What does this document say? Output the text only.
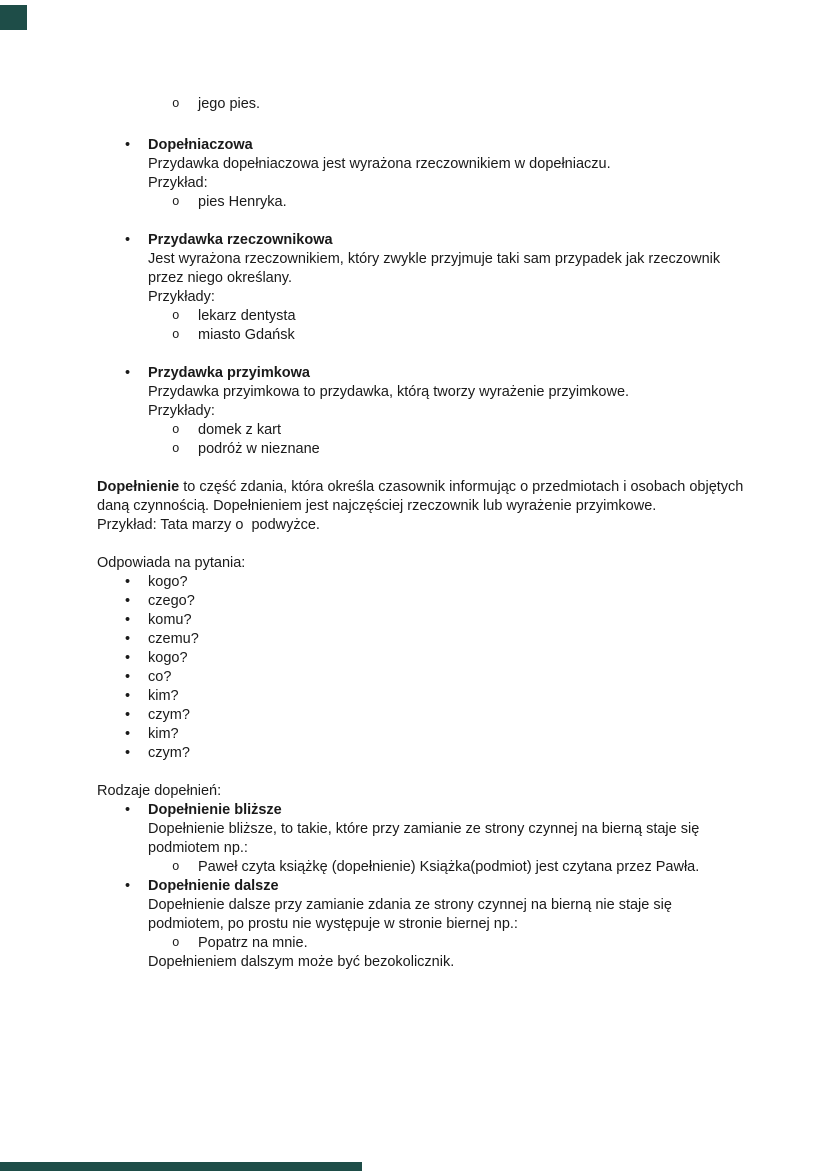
o	jego pies.
•	Dopełniaczowa
Przydawka dopełniaczowa jest wyrażona rzeczownikiem w dopełniaczu.
Przykład:
o	pies Henryka.
•	Przydawka rzeczownikowa
Jest wyrażona rzeczownikiem, który zwykle przyjmuje taki sam przypadek jak rzeczownik przez niego określany.
Przykłady:
o	lekarz dentysta
o	miasto Gdańsk
•	Przydawka przyimkowa
Przydawka przyimkowa to przydawka, którą tworzy wyrażenie przyimkowe.
Przykłady:
o	domek z kart
o	podróż w nieznane
Dopełnienie to część zdania, która określa czasownik informując o przedmiotach i osobach objętych daną czynnością. Dopełnieniem jest najczęściej rzeczownik lub wyrażenie przyimkowe.
Przykład: Tata marzy o  podwyżce.
Odpowiada na pytania:
•	kogo?
•	czego?
•	komu?
•	czemu?
•	kogo?
•	co?
•	kim?
•	czym?
•	kim?
•	czym?
Rodzaje dopełnień:
•	Dopełnienie bliższe
Dopełnienie bliższe, to takie, które przy zamianie ze strony czynnej na bierną staje się podmiotem np.:
o	Paweł czyta książkę (dopełnienie) Książka(podmiot) jest czytana przez Pawła.
•	Dopełnienie dalsze
Dopełnienie dalsze przy zamianie zdania ze strony czynnej na bierną nie staje się podmiotem, po prostu nie występuje w stronie biernej np.:
o	Popatrz na mnie.
Dopełnieniem dalszym może być bezokolicznik.
